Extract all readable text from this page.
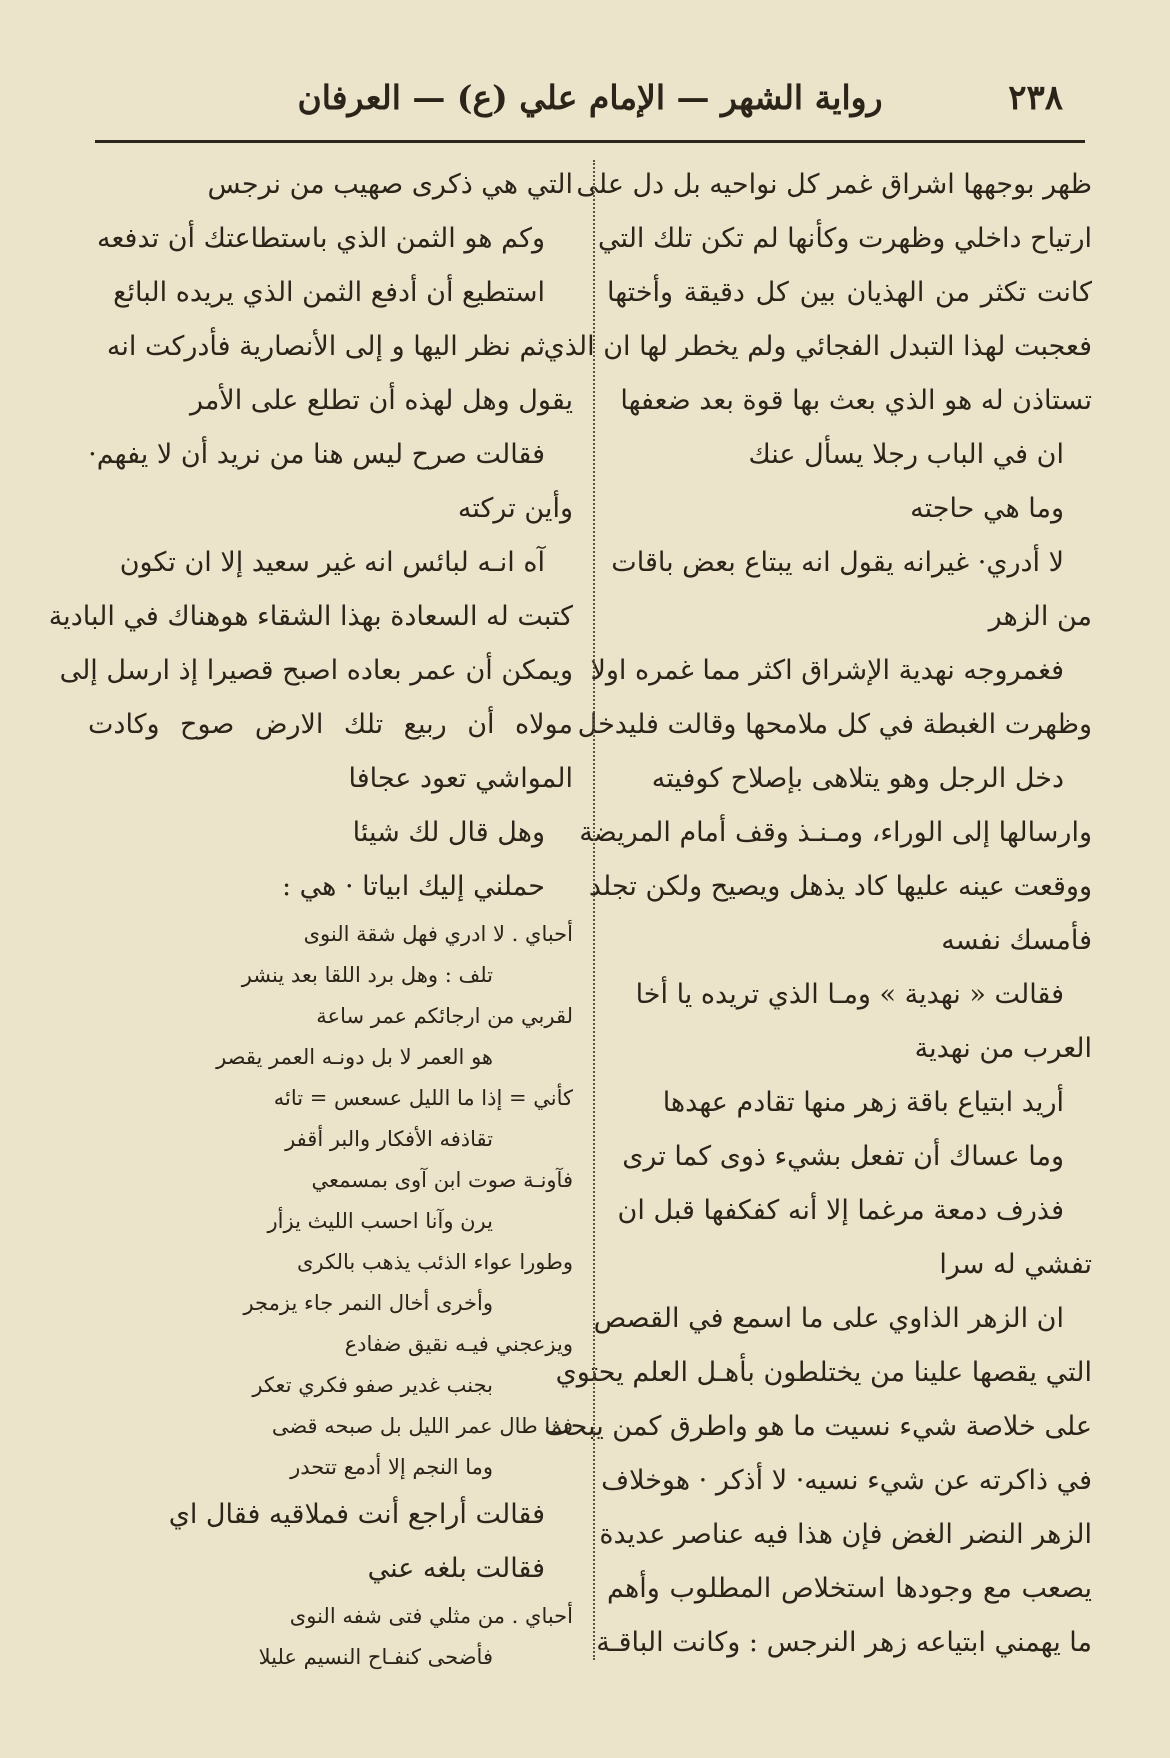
٢٣٨
رواية الشهر — الإمام علي (ع) — العرفان
ظهر بوجهها اشراق غمر كل نواحيه بل دل على
ارتياح داخلي وظهرت وكأنها لم تكن تلك التي
كانت تكثر من الهذيان بين كل دقيقة وأختها
فعجبت لهذا التبدل الفجائي ولم يخطر لها ان الذي
تستاذن له هو الذي بعث بها قوة بعد ضعفها
ان في الباب رجلا يسأل عنك
وما هي حاجته
لا أدري· غيرانه يقول انه يبتاع بعض باقات
من الزهر
فغمروجه نهدية الإشراق اكثر مما غمره اولا
وظهرت الغبطة في كل ملامحها وقالت فليدخل
دخل الرجل وهو يتلاهى بإصلاح كوفيته
وارسالها إلى الوراء، ومـنـذ وقف أمام المريضة
ووقعت عينه عليها كاد يذهل ويصيح ولكن تجلد
فأمسك نفسه
فقالت « نهدية » ومـا الذي تريده يا أخا
العرب من نهدية
أريد ابتياع باقة زهر منها تقادم عهدها
وما عساك أن تفعل بشيء ذوى كما ترى
فذرف دمعة مرغما إلا أنه كفكفها قبل ان
تفشي له سرا
ان الزهر الذاوي على ما اسمع في القصص
التي يقصها علينا من يختلطون بأهـل العلم يحتوي
على خلاصة شيء نسيت ما هو واطرق كمن يبحث
في ذاكرته عن شيء نسيه· لا أذكر · هوخلاف
الزهر النضر الغض فإن هذا فيه عناصر عديدة
يصعب مع وجودها استخلاص المطلوب وأهم
ما يهمني ابتياعه زهر النرجس : وكانت الباقـة
التي هي ذكرى صهيب من نرجس
وكم هو الثمن الذي باستطاعتك أن تدفعه
استطيع أن أدفع الثمن الذي يريده البائع
ثم نظر اليها و إلى الأنصارية فأدركت انه
يقول وهل لهذه أن تطلع على الأمر
فقالت صرح ليس هنا من نريد أن لا يفهم·
وأين تركته
آه انـه لبائس انه غير سعيد إلا ان تكون
كتبت له السعادة بهذا الشقاء هوهناك في البادية
ويمكن أن عمر بعاده اصبح قصيرا إذ ارسل إلى
مولاه أن ربيع تلك الارض صوح وكادت
المواشي تعود عجافا
وهل قال لك شيئا
حملني إليك ابياتا · هي :
أحباي . لا ادري فهل شقة النوى
تلف : وهل برد اللقا بعد ينشر
لقربي من ارجائكم عمر ساعة
هو العمر لا بل دونـه العمر يقصر
كأني = إذا ما الليل عسعس = تائه
تقاذفه الأفكار والبر أقفر
فآونـة صوت ابن آوى بمسمعي
يرن وآنا احسب الليث يزأر
وطورا عواء الذئب يذهب بالكرى
وأخرى أخال النمر جاء يزمجر
ويزعجني فيـه نقيق ضفادع
بجنب غدير صفو فكري تعكر
فما طال عمر الليل بل صبحه قضى
وما النجم إلا أدمع تتحدر
فقالت أراجع أنت فملاقيه فقال اي
فقالت بلغه عني
أحباي . من مثلي فتى شفه النوى
فأضحى كنفـاح النسيم عليلا
